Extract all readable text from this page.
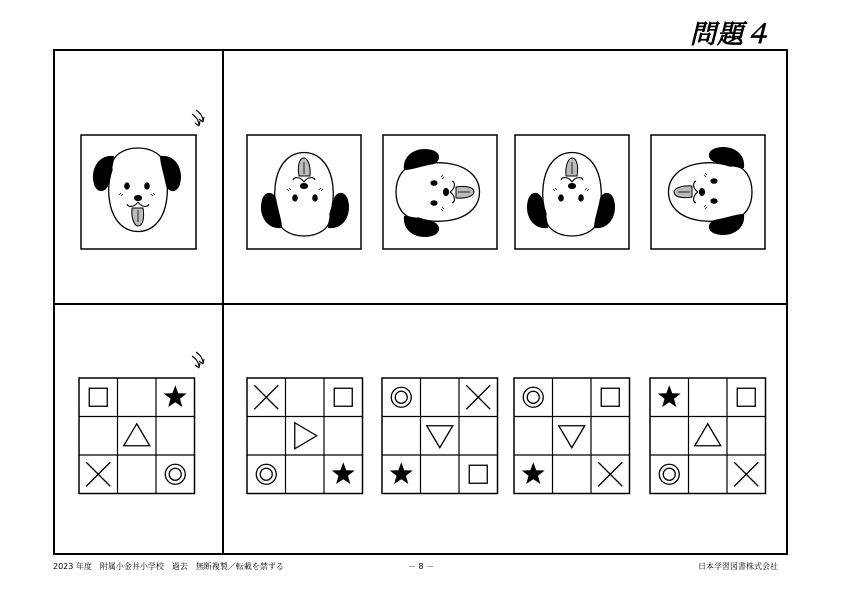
問題４
2023 年度　附属小金井小学校　過去　無断複製／転載を禁ずる	－ 8 －	日本学習図書株式会社
